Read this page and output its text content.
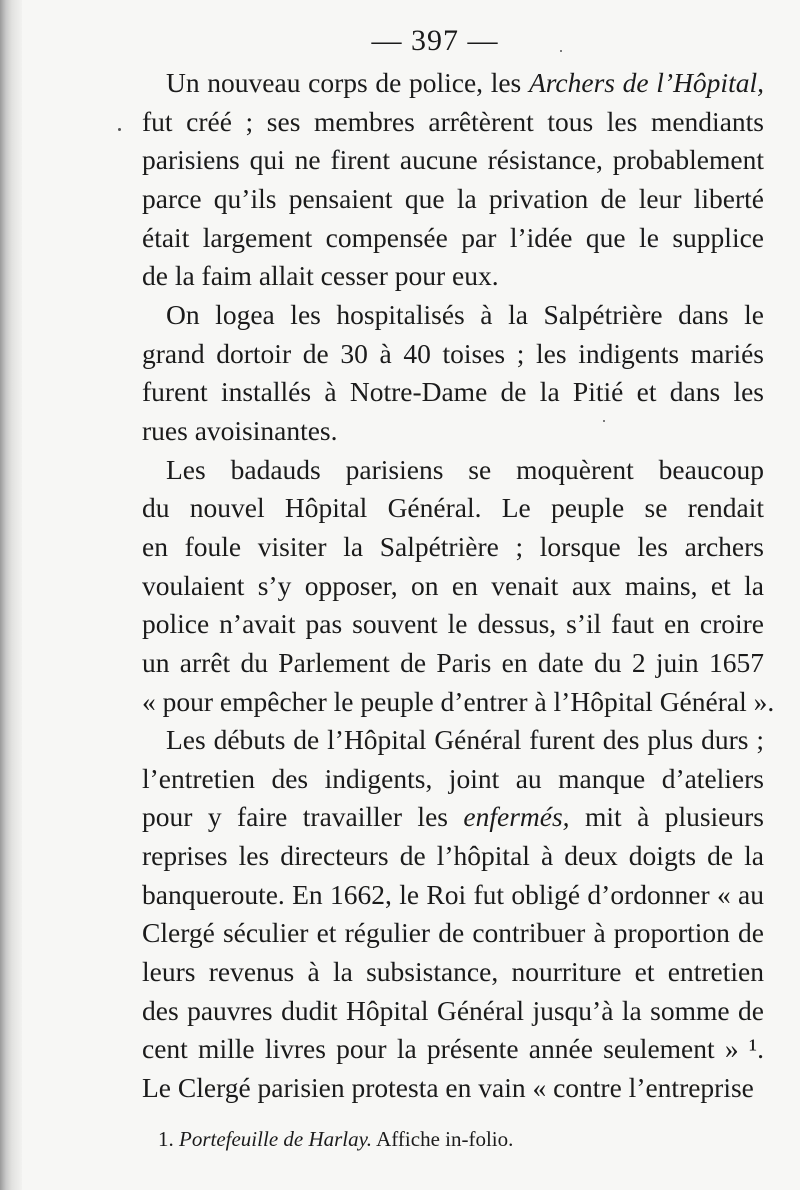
— 397 —
Un nouveau corps de police, les Archers de l’Hôpital,
fut créé ; ses membres arrêtèrent tous les mendiants
parisiens qui ne firent aucune résistance, probablement
parce qu’ils pensaient que la privation de leur liberté
était largement compensée par l’idée que le supplice
de la faim allait cesser pour eux.
On logea les hospitalisés à la Salpétrière dans le
grand dortoir de 30 à 40 toises ; les indigents mariés
furent installés à Notre-Dame de la Pitié et dans les
rues avoisinantes.
Les badauds parisiens se moquèrent beaucoup
du nouvel Hôpital Général. Le peuple se rendait
en foule visiter la Salpétrière ; lorsque les archers
voulaient s’y opposer, on en venait aux mains, et la
police n’avait pas souvent le dessus, s’il faut en croire
un arrêt du Parlement de Paris en date du 2 juin 1657
« pour empêcher le peuple d’entrer à l’Hôpital Général ».
Les débuts de l’Hôpital Général furent des plus durs ;
l’entretien des indigents, joint au manque d’ateliers
pour y faire travailler les enfermés, mit à plusieurs
reprises les directeurs de l’hôpital à deux doigts de la
banqueroute. En 1662, le Roi fut obligé d’ordonner « au
Clergé séculier et régulier de contribuer à proportion de
leurs revenus à la subsistance, nourriture et entretien
des pauvres dudit Hôpital Général jusqu’à la somme de
cent mille livres pour la présente année seulement » ¹.
Le Clergé parisien protesta en vain « contre l’entreprise
1. Portefeuille de Harlay. Affiche in-folio.
